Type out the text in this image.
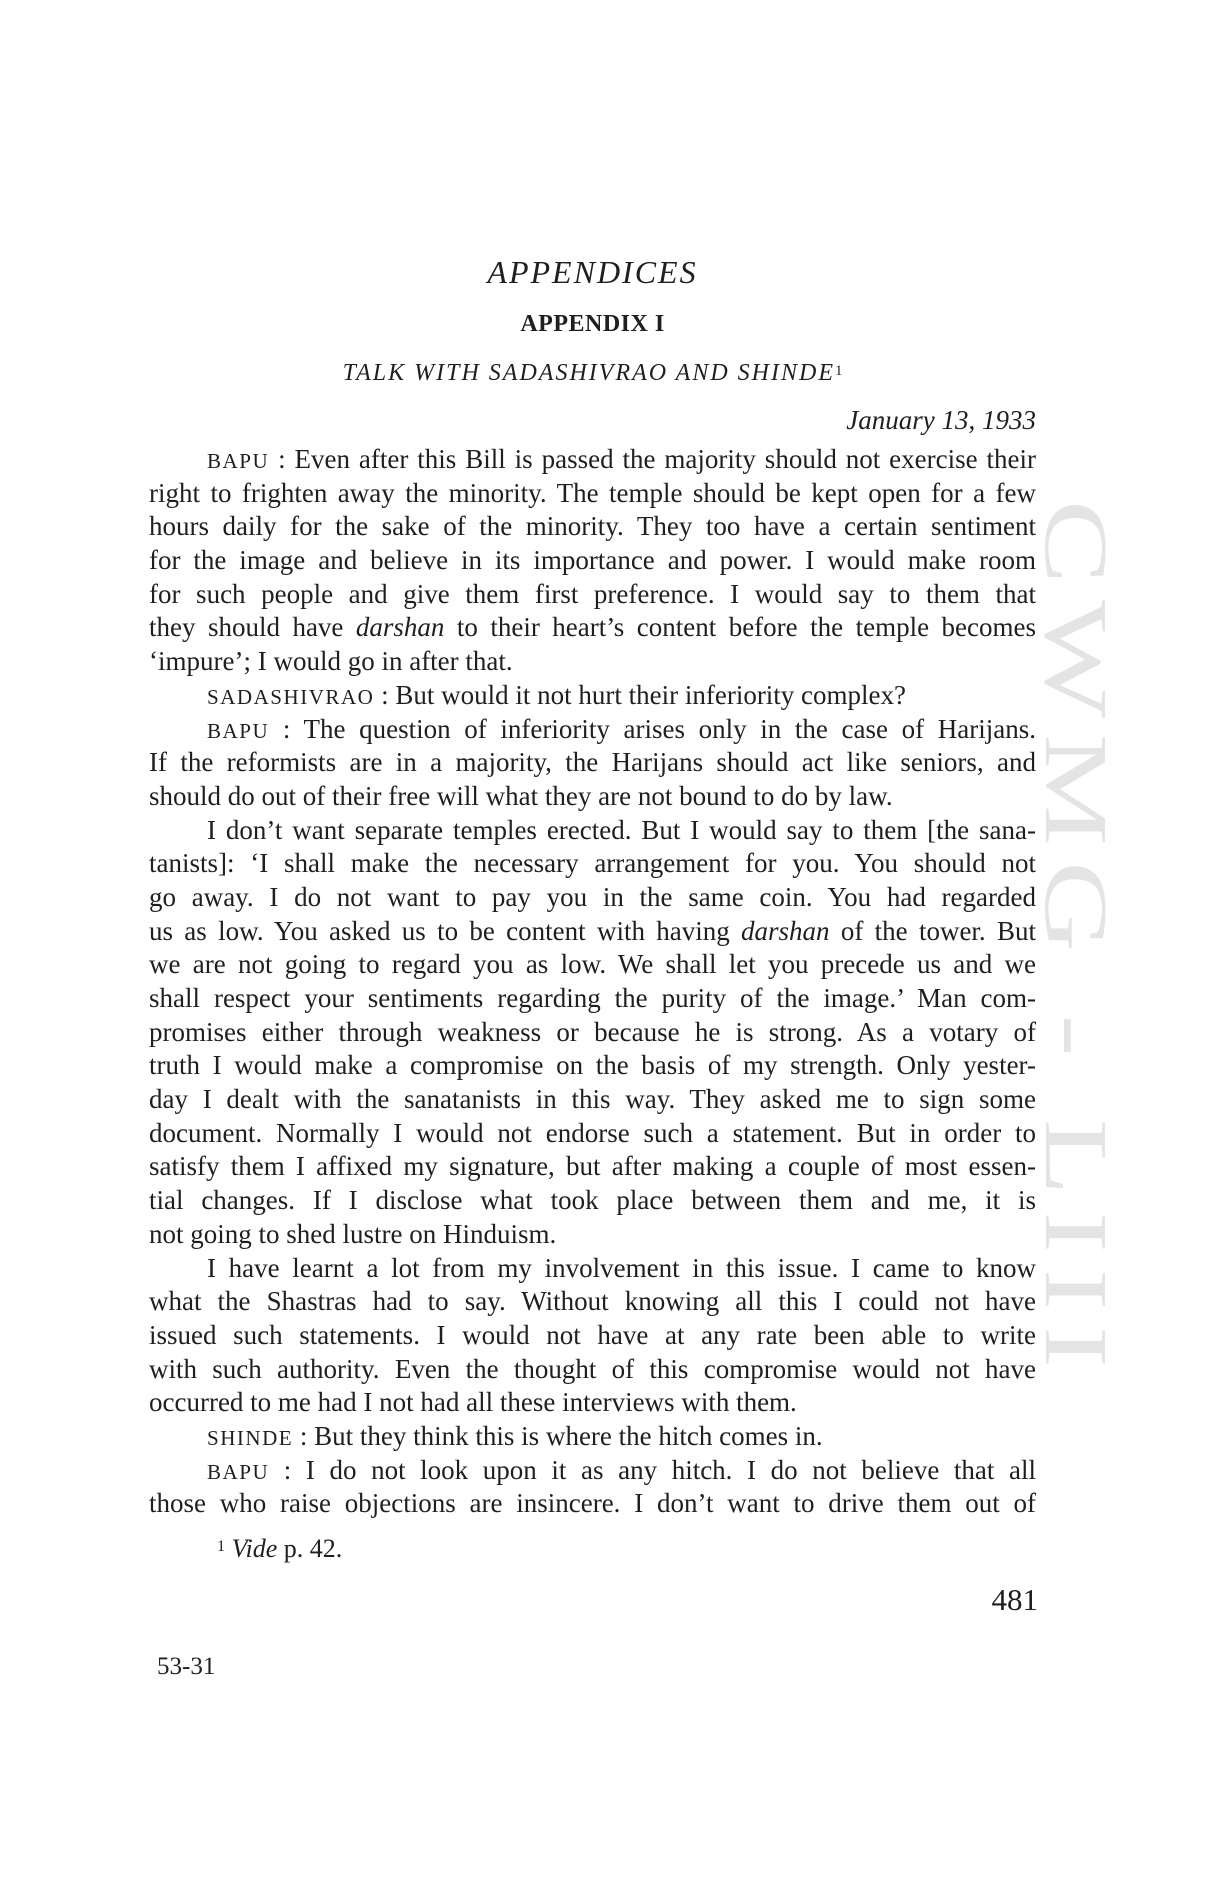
CWMG - LIII
APPENDICES
APPENDIX I
TALK WITH SADASHIVRAO AND SHINDE$^1$
January 13, 1933
BAPU : Even after this Bill is passed the majority should not exercise their
right to frighten away the minority. The temple should be kept open for a few
hours daily for the sake of the minority. They too have a certain sentiment
for the image and believe in its importance and power. I would make room
for such people and give them first preference. I would say to them that
they should have darshan to their heart’s content before the temple becomes
‘impure’; I would go in after that.
SADASHIVRAO : But would it not hurt their inferiority complex?
BAPU : The question of inferiority arises only in the case of Harijans.
If the reformists are in a majority, the Harijans should act like seniors, and
should do out of their free will what they are not bound to do by law.
I don’t want separate temples erected. But I would say to them [the sana-
tanists]: ‘I shall make the necessary arrangement for you. You should not
go away. I do not want to pay you in the same coin. You had regarded
us as low. You asked us to be content with having darshan of the tower. But
we are not going to regard you as low. We shall let you precede us and we
shall respect your sentiments regarding the purity of the image.’ Man com-
promises either through weakness or because he is strong. As a votary of
truth I would make a compromise on the basis of my strength. Only yester-
day I dealt with the sanatanists in this way. They asked me to sign some
document. Normally I would not endorse such a statement. But in order to
satisfy them I affixed my signature, but after making a couple of most essen-
tial changes. If I disclose what took place between them and me, it is
not going to shed lustre on Hinduism.
I have learnt a lot from my involvement in this issue. I came to know
what the Shastras had to say. Without knowing all this I could not have
issued such statements. I would not have at any rate been able to write
with such authority. Even the thought of this compromise would not have
occurred to me had I not had all these interviews with them.
SHINDE : But they think this is where the hitch comes in.
BAPU : I do not look upon it as any hitch. I do not believe that all
those who raise objections are insincere. I don’t want to drive them out of
$^1$ Vide p. 42.
481
53-31
